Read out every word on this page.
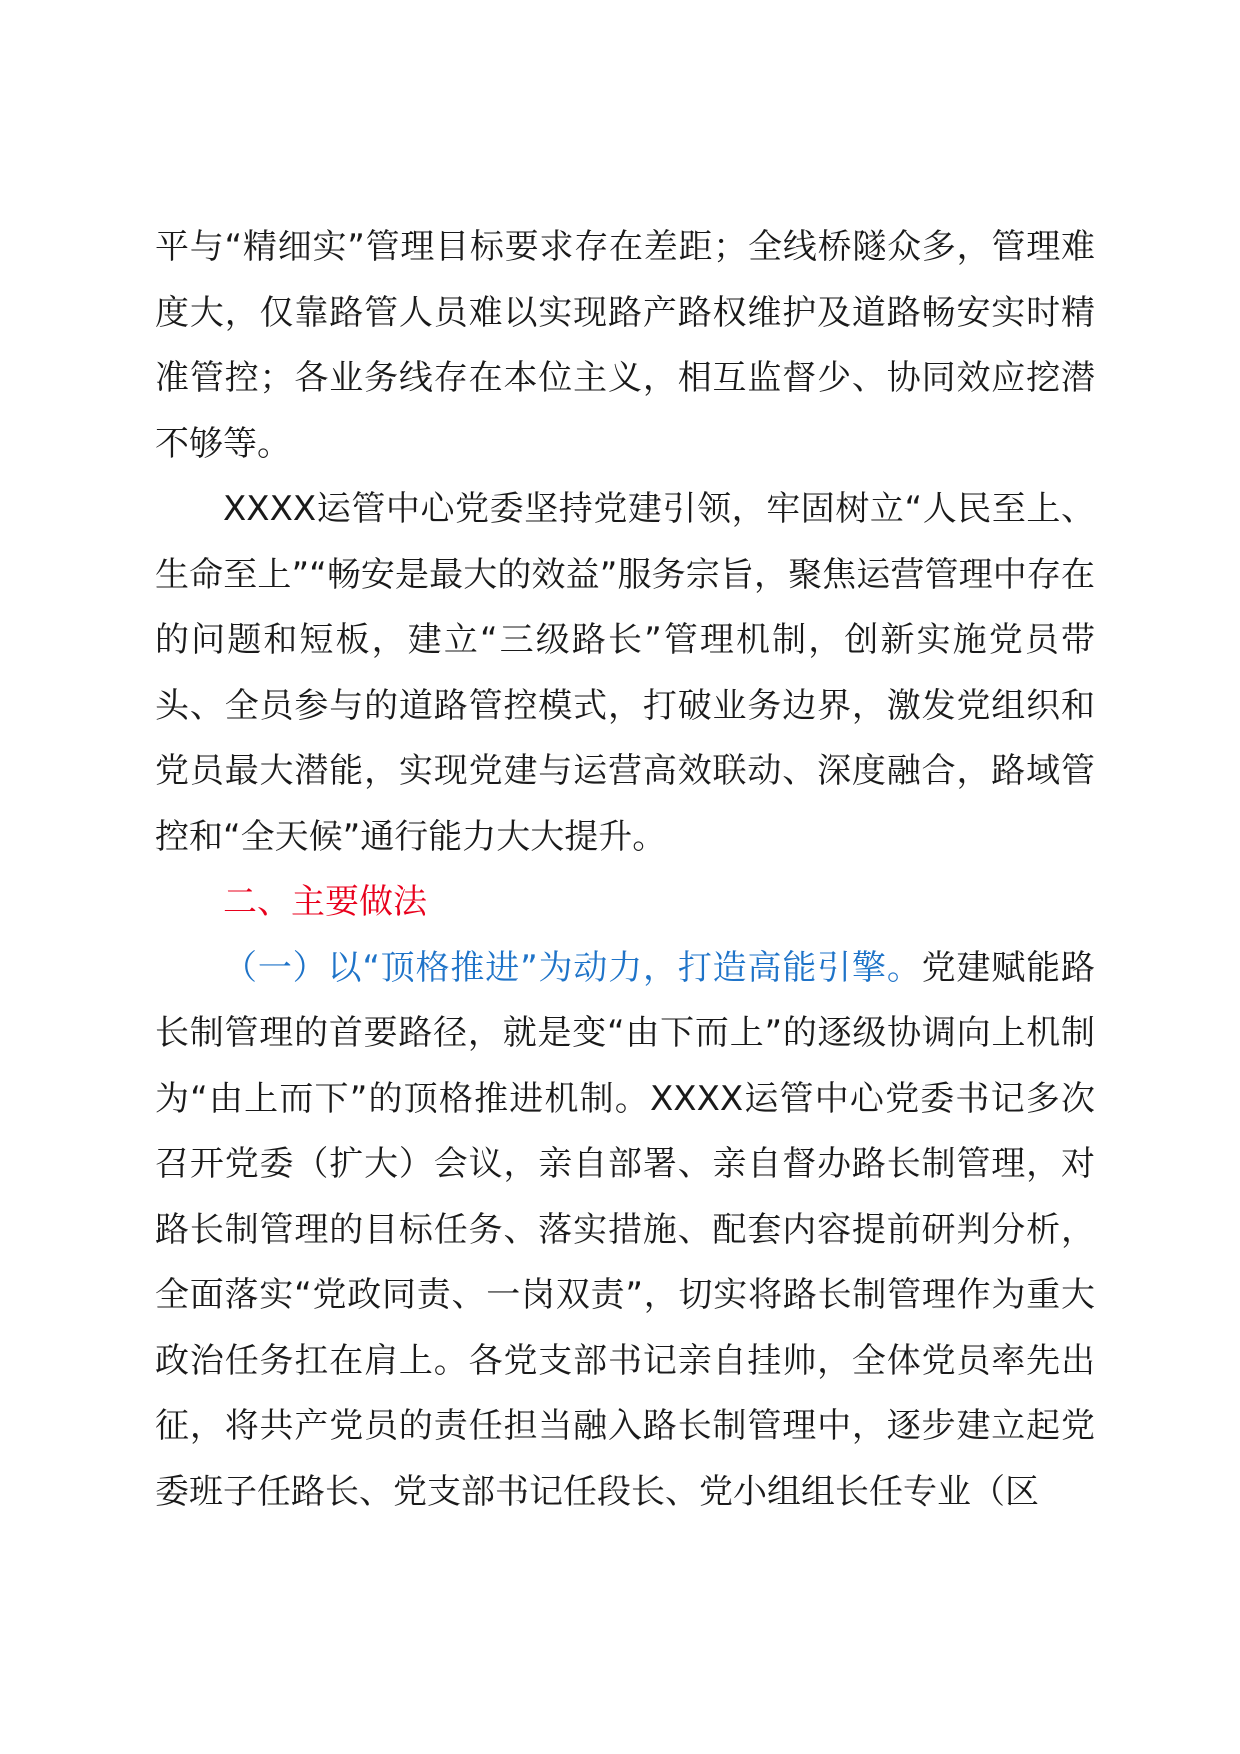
平与“精细实”管理目标要求存在差距；全线桥隧众多，管理难度大，仅靠路管人员难以实现路产路权维护及道路畅安实时精准管控；各业务线存在本位主义，相互监督少、协同效应挖潜不够等。

XXXX运管中心党委坚持党建引领，牢固树立“人民至上、生命至上”“畅安是最大的效益”服务宗旨，聚焦运营管理中存在的问题和短板，建立“三级路长”管理机制，创新实施党员带头、全员参与的道路管控模式，打破业务边界，激发党组织和党员最大潜能，实现党建与运营高效联动、深度融合，路域管控和“全天候”通行能力大大提升。

二、主要做法

（一）以“顶格推进”为动力，打造高能引擎。党建赋能路长制管理的首要路径，就是变“由下而上”的逐级协调向上机制为“由上而下”的顶格推进机制。XXXX运管中心党委书记多次召开党委（扩大）会议，亲自部署、亲自督办路长制管理，对路长制管理的目标任务、落实措施、配套内容提前研判分析，全面落实“党政同责、一岗双责”，切实将路长制管理作为重大政治任务扛在肩上。各党支部书记亲自挂帅，全体党员率先出征，将共产党员的责任担当融入路长制管理中，逐步建立起党委班子任路长、党支部书记任段长、党小组组长任专业（区
